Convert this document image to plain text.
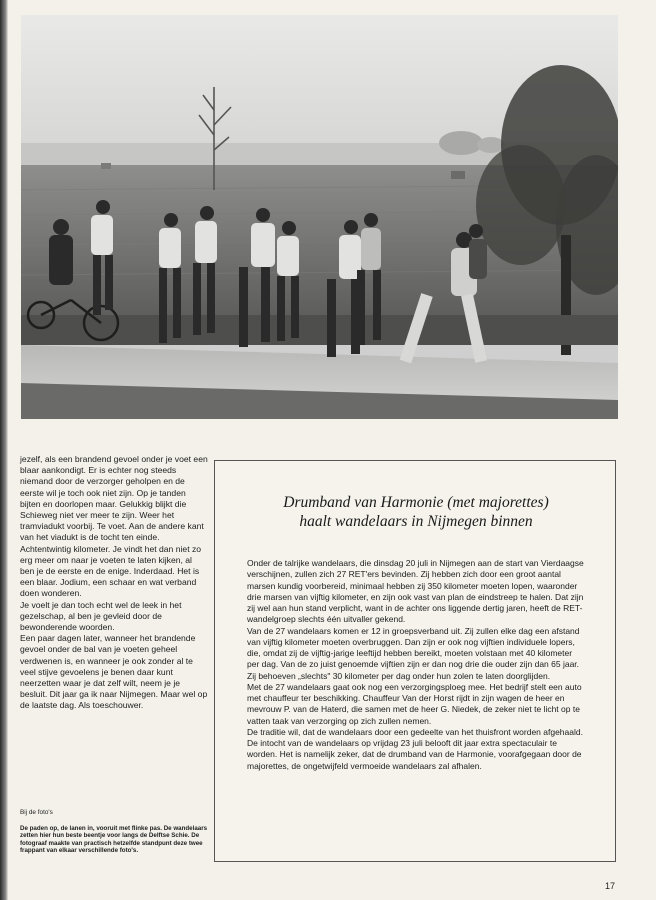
jezelf, als een brandend gevoel onder je voet een blaar aankondigt. Er is echter nog steeds niemand door de verzorger geholpen en de eerste wil je toch ook niet zijn. Op je tanden bijten en doorlopen maar. Gelukkig blijkt die Schieweg niet ver meer te zijn. Weer het tramviadukt voorbij. Te voet. Aan de andere kant van het viadukt is de tocht ten einde. Achtentwintig kilometer. Je vindt het dan niet zo erg meer om naar je voeten te laten kijken, al ben je de eerste en de enige. Inderdaad. Het is een blaar. Jodium, een schaar en wat verband doen wonderen.

Je voelt je dan toch echt wel de leek in het gezelschap, al ben je gevleid door de bewonderende woorden.

Een paar dagen later, wanneer het brandende gevoel onder de bal van je voeten geheel verdwenen is, en wanneer je ook zonder al te veel stijve gevoelens je benen daar kunt neerzetten waar je dat zelf wilt, neem je je besluit. Dit jaar ga ik naar Nijmegen. Maar wel op de laatste dag. Als toeschouwer.

Bij de foto's
De paden op, de lanen in, vooruit met flinke pas. De wandelaars zetten hier hun beste beentje voor langs de Delftse Schie. De fotograaf maakte van practisch hetzelfde standpunt deze twee frappant van elkaar verschillende foto's.
Drumband van Harmonie (met majorettes)
haalt wandelaars in Nijmegen binnen

Onder de talrijke wandelaars, die dinsdag 20 juli in Nijmegen aan de start van Vierdaagse verschijnen, zullen zich 27 RET'ers bevinden. Zij hebben zich door een groot aantal marsen kundig voorbereid, minimaal hebben zij 350 kilometer moeten lopen, waaronder drie marsen van vijftig kilometer, en zijn ook vast van plan de eindstreep te halen. Dat zijn zij wel aan hun stand verplicht, want in de achter ons liggende dertig jaren, heeft de RET-wandelgroep slechts één uitvaller gekend.

Van de 27 wandelaars komen er 12 in groepsverband uit. Zij zullen elke dag een afstand van vijftig kilometer moeten overbruggen. Dan zijn er ook nog vijftien individuele lopers, die, omdat zij de vijftig-jarige leeftijd hebben bereikt, moeten volstaan met 40 kilometer per dag. Van de zo juist genoemde vijftien zijn er dan nog drie die ouder zijn dan 65 jaar. Zij behoeven „slechts" 30 kilometer per dag onder hun zolen te laten doorglijden.

Met de 27 wandelaars gaat ook nog een verzorgingsploeg mee. Het bedrijf stelt een auto met chauffeur ter beschikking. Chauffeur Van der Horst rijdt in zijn wagen de heer en mevrouw P. van de Haterd, die samen met de heer G. Niedek, de zeker niet te licht op te vatten taak van verzorging op zich zullen nemen.

De traditie wil, dat de wandelaars door een gedeelte van het thuisfront worden afgehaald. De intocht van de wandelaars op vrijdag 23 juli belooft dit jaar extra spectaculair te worden. Het is namelijk zeker, dat de drumband van de Harmonie, voorafgegaan door de majorettes, de ongetwijfeld vermoeide wandelaars zal afhalen.

17
